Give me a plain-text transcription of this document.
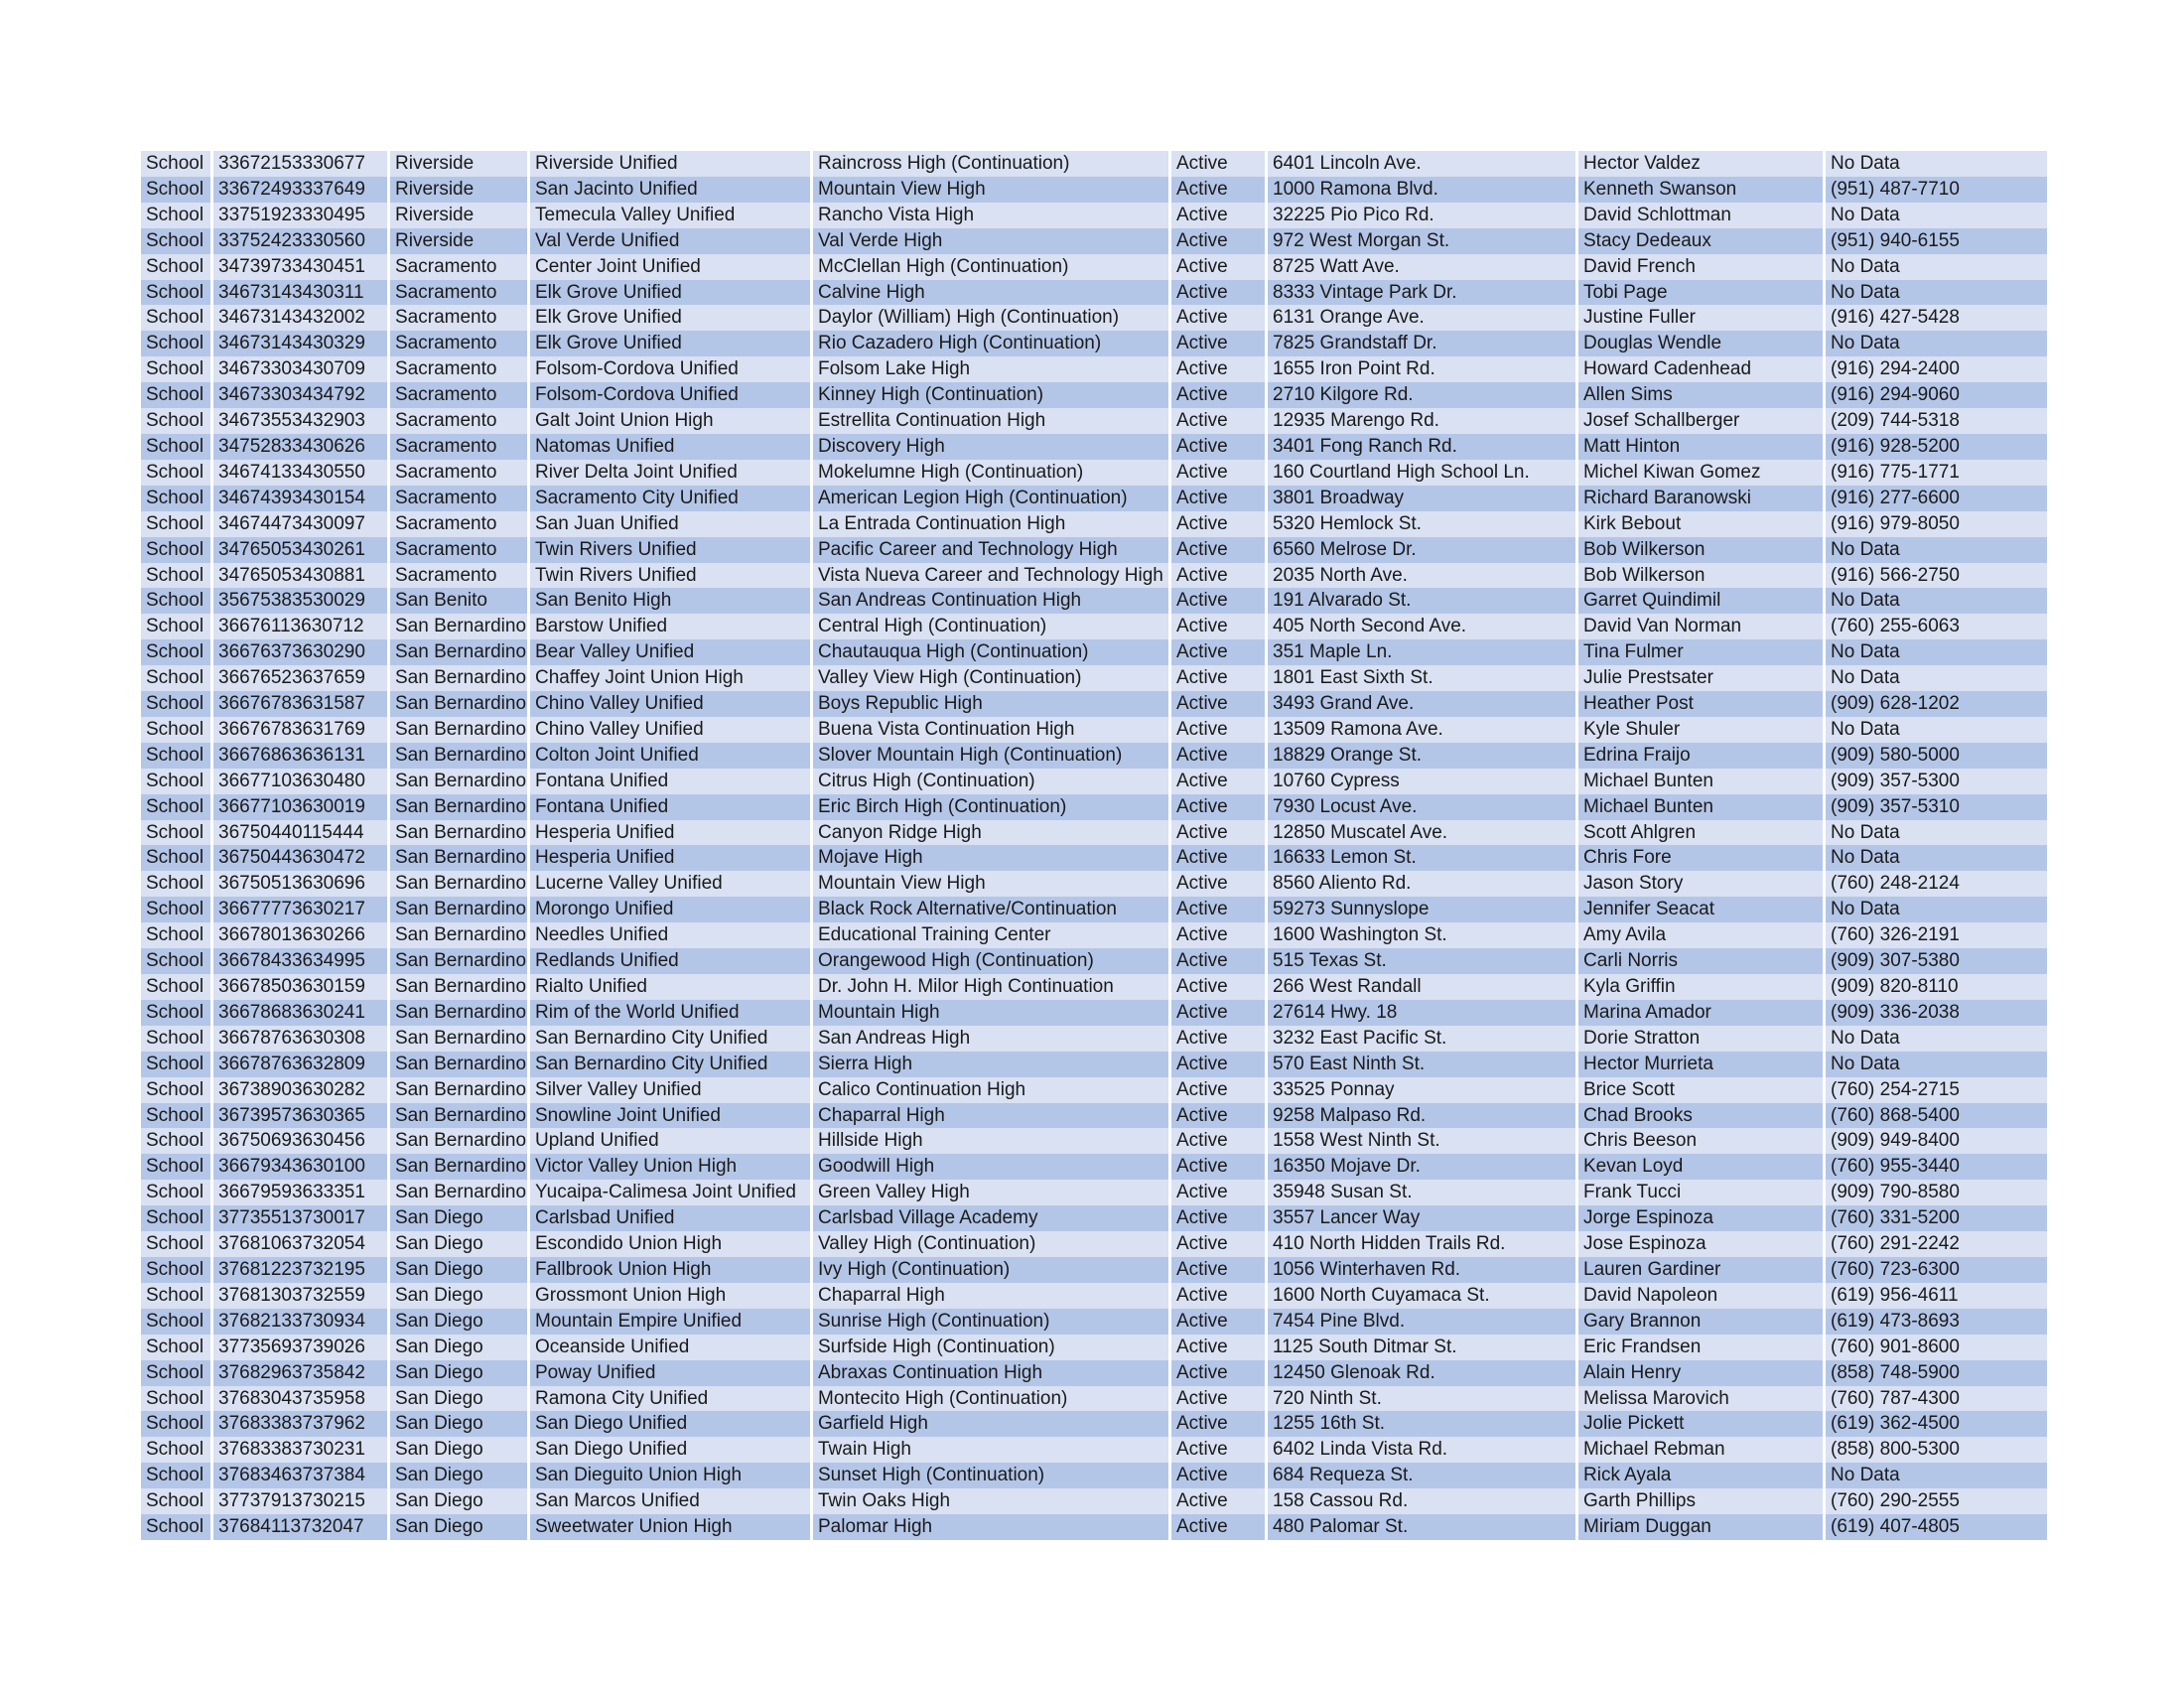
School	33672153330677	Riverside	Riverside Unified	Raincross High (Continuation)	Active	6401 Lincoln Ave.	Hector Valdez	No Data
School	33672493337649	Riverside	San Jacinto Unified	Mountain View High	Active	1000 Ramona Blvd.	Kenneth Swanson	(951) 487-7710
School	33751923330495	Riverside	Temecula Valley Unified	Rancho Vista High	Active	32225 Pio Pico Rd.	David Schlottman	No Data
School	33752423330560	Riverside	Val Verde Unified	Val Verde High	Active	972 West Morgan St.	Stacy Dedeaux	(951) 940-6155
School	34739733430451	Sacramento	Center Joint Unified	McClellan High (Continuation)	Active	8725 Watt Ave.	David French	No Data
School	34673143430311	Sacramento	Elk Grove Unified	Calvine High	Active	8333 Vintage Park Dr.	Tobi Page	No Data
School	34673143432002	Sacramento	Elk Grove Unified	Daylor (William) High (Continuation)	Active	6131 Orange Ave.	Justine Fuller	(916) 427-5428
School	34673143430329	Sacramento	Elk Grove Unified	Rio Cazadero High (Continuation)	Active	7825 Grandstaff Dr.	Douglas Wendle	No Data
School	34673303430709	Sacramento	Folsom-Cordova Unified	Folsom Lake High	Active	1655 Iron Point Rd.	Howard Cadenhead	(916) 294-2400
School	34673303434792	Sacramento	Folsom-Cordova Unified	Kinney High (Continuation)	Active	2710 Kilgore Rd.	Allen Sims	(916) 294-9060
School	34673553432903	Sacramento	Galt Joint Union High	Estrellita Continuation High	Active	12935 Marengo Rd.	Josef Schallberger	(209) 744-5318
School	34752833430626	Sacramento	Natomas Unified	Discovery High	Active	3401 Fong Ranch Rd.	Matt Hinton	(916) 928-5200
School	34674133430550	Sacramento	River Delta Joint Unified	Mokelumne High (Continuation)	Active	160 Courtland High School Ln.	Michel Kiwan Gomez	(916) 775-1771
School	34674393430154	Sacramento	Sacramento City Unified	American Legion High (Continuation)	Active	3801 Broadway	Richard Baranowski	(916) 277-6600
School	34674473430097	Sacramento	San Juan Unified	La Entrada Continuation High	Active	5320 Hemlock St.	Kirk Bebout	(916) 979-8050
School	34765053430261	Sacramento	Twin Rivers Unified	Pacific Career and Technology High	Active	6560 Melrose Dr.	Bob Wilkerson	No Data
School	34765053430881	Sacramento	Twin Rivers Unified	Vista Nueva Career and Technology High	Active	2035 North Ave.	Bob Wilkerson	(916) 566-2750
School	35675383530029	San Benito	San Benito High	San Andreas Continuation High	Active	191 Alvarado St.	Garret Quindimil	No Data
School	36676113630712	San Bernardino	Barstow Unified	Central High (Continuation)	Active	405 North Second Ave.	David Van Norman	(760) 255-6063
School	36676373630290	San Bernardino	Bear Valley Unified	Chautauqua High (Continuation)	Active	351 Maple Ln.	Tina Fulmer	No Data
School	36676523637659	San Bernardino	Chaffey Joint Union High	Valley View High (Continuation)	Active	1801 East Sixth St.	Julie Prestsater	No Data
School	36676783631587	San Bernardino	Chino Valley Unified	Boys Republic High	Active	3493 Grand Ave.	Heather Post	(909) 628-1202
School	36676783631769	San Bernardino	Chino Valley Unified	Buena Vista Continuation High	Active	13509 Ramona Ave.	Kyle Shuler	No Data
School	36676863636131	San Bernardino	Colton Joint Unified	Slover Mountain High (Continuation)	Active	18829 Orange St.	Edrina Fraijo	(909) 580-5000
School	36677103630480	San Bernardino	Fontana Unified	Citrus High (Continuation)	Active	10760 Cypress	Michael Bunten	(909) 357-5300
School	36677103630019	San Bernardino	Fontana Unified	Eric Birch High (Continuation)	Active	7930 Locust Ave.	Michael Bunten	(909) 357-5310
School	36750440115444	San Bernardino	Hesperia Unified	Canyon Ridge High	Active	12850 Muscatel Ave.	Scott Ahlgren	No Data
School	36750443630472	San Bernardino	Hesperia Unified	Mojave High	Active	16633 Lemon St.	Chris Fore	No Data
School	36750513630696	San Bernardino	Lucerne Valley Unified	Mountain View High	Active	8560 Aliento Rd.	Jason Story	(760) 248-2124
School	36677773630217	San Bernardino	Morongo Unified	Black Rock Alternative/Continuation	Active	59273 Sunnyslope	Jennifer Seacat	No Data
School	36678013630266	San Bernardino	Needles Unified	Educational Training Center	Active	1600 Washington St.	Amy Avila	(760) 326-2191
School	36678433634995	San Bernardino	Redlands Unified	Orangewood High (Continuation)	Active	515 Texas St.	Carli Norris	(909) 307-5380
School	36678503630159	San Bernardino	Rialto Unified	Dr. John H. Milor High Continuation	Active	266 West Randall	Kyla Griffin	(909) 820-8110
School	36678683630241	San Bernardino	Rim of the World Unified	Mountain High	Active	27614 Hwy. 18	Marina Amador	(909) 336-2038
School	36678763630308	San Bernardino	San Bernardino City Unified	San Andreas High	Active	3232 East Pacific St.	Dorie Stratton	No Data
School	36678763632809	San Bernardino	San Bernardino City Unified	Sierra High	Active	570 East Ninth St.	Hector Murrieta	No Data
School	36738903630282	San Bernardino	Silver Valley Unified	Calico Continuation High	Active	33525 Ponnay	Brice Scott	(760) 254-2715
School	36739573630365	San Bernardino	Snowline Joint Unified	Chaparral High	Active	9258 Malpaso Rd.	Chad Brooks	(760) 868-5400
School	36750693630456	San Bernardino	Upland Unified	Hillside High	Active	1558 West Ninth St.	Chris Beeson	(909) 949-8400
School	36679343630100	San Bernardino	Victor Valley Union High	Goodwill High	Active	16350 Mojave Dr.	Kevan Loyd	(760) 955-3440
School	36679593633351	San Bernardino	Yucaipa-Calimesa Joint Unified	Green Valley High	Active	35948 Susan St.	Frank Tucci	(909) 790-8580
School	37735513730017	San Diego	Carlsbad Unified	Carlsbad Village Academy	Active	3557 Lancer Way	Jorge Espinoza	(760) 331-5200
School	37681063732054	San Diego	Escondido Union High	Valley High (Continuation)	Active	410 North Hidden Trails Rd.	Jose Espinoza	(760) 291-2242
School	37681223732195	San Diego	Fallbrook Union High	Ivy High (Continuation)	Active	1056 Winterhaven Rd.	Lauren Gardiner	(760) 723-6300
School	37681303732559	San Diego	Grossmont Union High	Chaparral High	Active	1600 North Cuyamaca St.	David Napoleon	(619) 956-4611
School	37682133730934	San Diego	Mountain Empire Unified	Sunrise High (Continuation)	Active	7454 Pine Blvd.	Gary Brannon	(619) 473-8693
School	37735693739026	San Diego	Oceanside Unified	Surfside High (Continuation)	Active	1125 South Ditmar St.	Eric Frandsen	(760) 901-8600
School	37682963735842	San Diego	Poway Unified	Abraxas Continuation High	Active	12450 Glenoak Rd.	Alain Henry	(858) 748-5900
School	37683043735958	San Diego	Ramona City Unified	Montecito High (Continuation)	Active	720 Ninth St.	Melissa Marovich	(760) 787-4300
School	37683383737962	San Diego	San Diego Unified	Garfield High	Active	1255 16th St.	Jolie Pickett	(619) 362-4500
School	37683383730231	San Diego	San Diego Unified	Twain High	Active	6402 Linda Vista Rd.	Michael Rebman	(858) 800-5300
School	37683463737384	San Diego	San Dieguito Union High	Sunset High (Continuation)	Active	684 Requeza St.	Rick Ayala	No Data
School	37737913730215	San Diego	San Marcos Unified	Twin Oaks High	Active	158 Cassou Rd.	Garth Phillips	(760) 290-2555
School	37684113732047	San Diego	Sweetwater Union High	Palomar High	Active	480 Palomar St.	Miriam Duggan	(619) 407-4805
